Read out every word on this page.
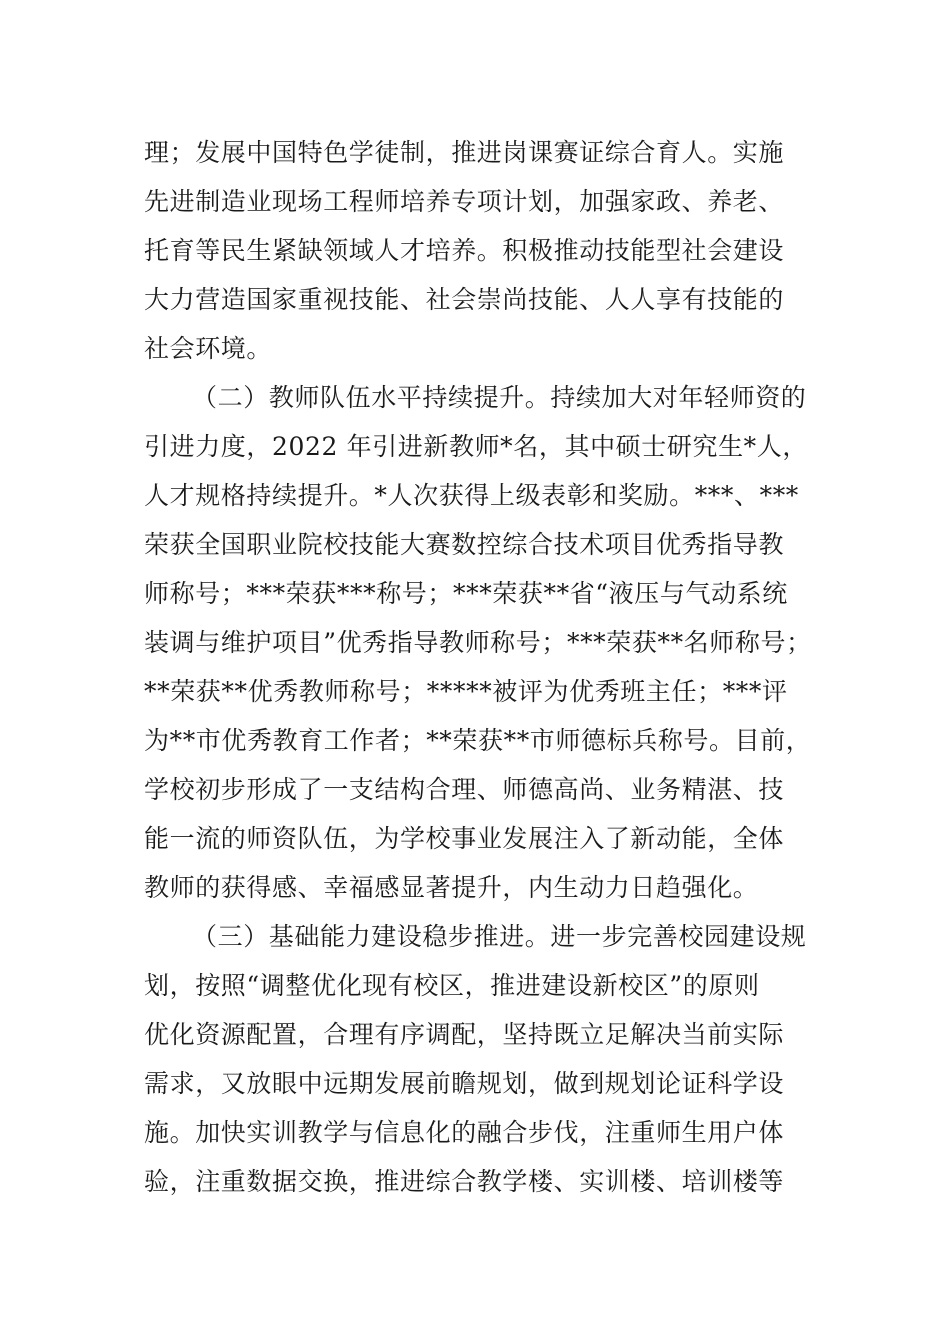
理；发展中国特色学徒制，推进岗课赛证综合育人。实施
先进制造业现场工程师培养专项计划，加强家政、养老、
托育等民生紧缺领域人才培养。积极推动技能型社会建设
大力营造国家重视技能、社会崇尚技能、人人享有技能的
社会环境。
（二）教师队伍水平持续提升。持续加大对年轻师资的
引进力度，2022 年引进新教师*名，其中硕士研究生*人，
人才规格持续提升。*人次获得上级表彰和奖励。***、***
荣获全国职业院校技能大赛数控综合技术项目优秀指导教
师称号；***荣获***称号；***荣获**省“液压与气动系统
装调与维护项目”优秀指导教师称号；***荣获**名师称号；
**荣获**优秀教师称号；*****被评为优秀班主任；***评
为**市优秀教育工作者；**荣获**市师德标兵称号。目前，
学校初步形成了一支结构合理、师德高尚、业务精湛、技
能一流的师资队伍，为学校事业发展注入了新动能，全体
教师的获得感、幸福感显著提升，内生动力日趋强化。
（三）基础能力建设稳步推进。进一步完善校园建设规
划，按照“调整优化现有校区，推进建设新校区”的原则
优化资源配置，合理有序调配，坚持既立足解决当前实际
需求，又放眼中远期发展前瞻规划，做到规划论证科学设
施。加快实训教学与信息化的融合步伐，注重师生用户体
验，注重数据交换，推进综合教学楼、实训楼、培训楼等
